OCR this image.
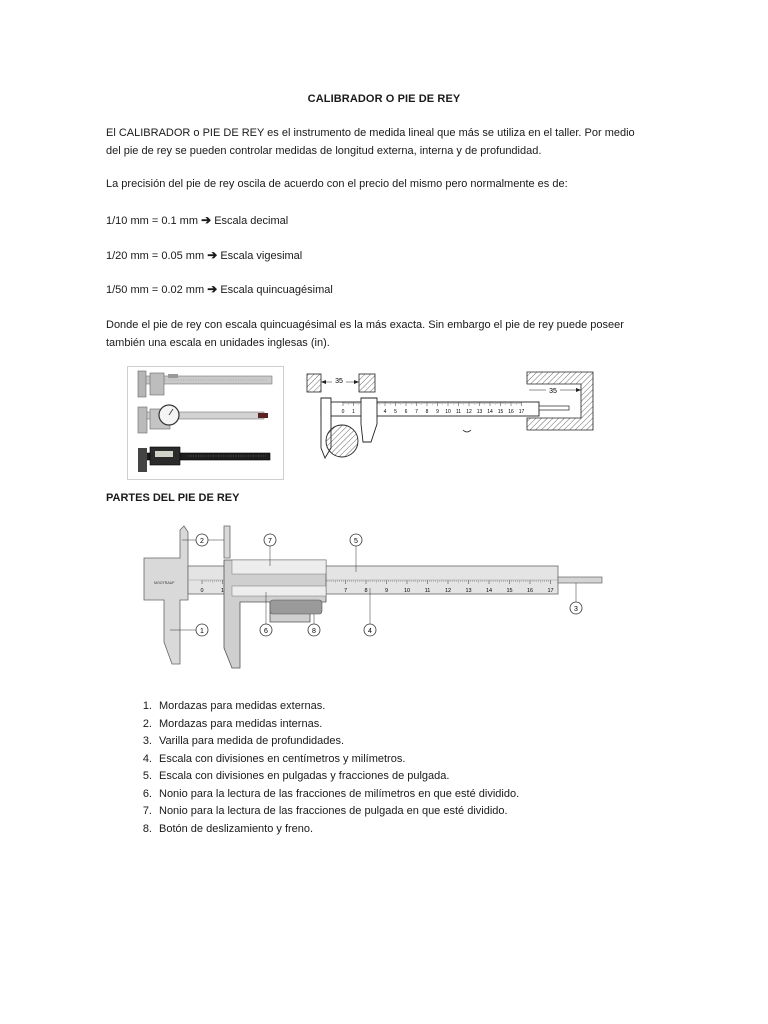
CALIBRADOR O PIE DE REY

El CALIBRADOR o PIE DE REY es el instrumento de medida lineal que más se utiliza en el taller. Por medio
del pie de rey se pueden controlar medidas de longitud externa, interna y de profundidad.

La precisión del pie de rey oscila de acuerdo con el precio del mismo pero normalmente es de:

1/10 mm = 0.1 mm ➔ Escala decimal

1/20 mm = 0.05 mm ➔ Escala vigesimal

1/50 mm = 0.02 mm ➔ Escala quincuagésimal

Donde el pie de rey con escala quincuagésimal es la más exacta. Sin embargo el pie de rey puede poseer
también una escala en unidades inglesas (in).

35
0 1	4 5 6 7 8 9 10 11 12 13 14 15 16 17
35
PARTES DEL PIE DE REY
0	1	7	8	9	10	11	12	13	14	15	16	17
MOOTRAUF
1
2
3
4
5
6
7
8
1. Mordazas para medidas externas.
2. Mordazas para medidas internas.
3. Varilla para medida de profundidades.
4. Escala con divisiones en centímetros y milímetros.
5. Escala con divisiones en pulgadas y fracciones de pulgada.
6. Nonio para la lectura de las fracciones de milímetros en que esté dividido.
7. Nonio para la lectura de las fracciones de pulgada en que esté dividido.
8. Botón de deslizamiento y freno.
